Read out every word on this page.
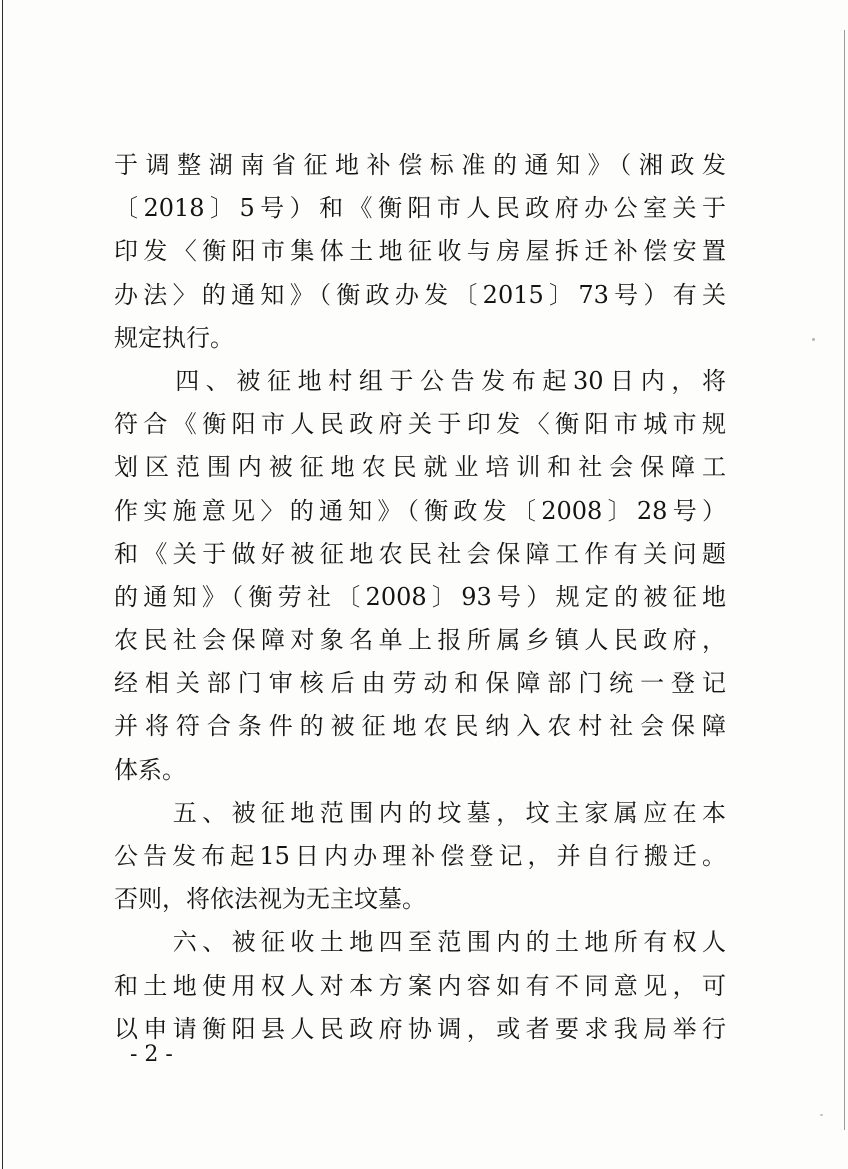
于调整湖南省征地补偿标准的通知》（湘政发
〔2018〕5号）和《衡阳市人民政府办公室关于
印发〈衡阳市集体土地征收与房屋拆迁补偿安置
办法〉的通知》（衡政办发〔2015〕73号）有关
规定执行。
　　四、被征地村组于公告发布起30日内，将
符合《衡阳市人民政府关于印发〈衡阳市城市规
划区范围内被征地农民就业培训和社会保障工
作实施意见〉的通知》（衡政发〔2008〕28号）
和《关于做好被征地农民社会保障工作有关问题
的通知》（衡劳社〔2008〕93号）规定的被征地
农民社会保障对象名单上报所属乡镇人民政府，
经相关部门审核后由劳动和保障部门统一登记
并将符合条件的被征地农民纳入农村社会保障
体系。
　　五、被征地范围内的坟墓，坟主家属应在本
公告发布起15日内办理补偿登记，并自行搬迁。
否则，将依法视为无主坟墓。
　　六、被征收土地四至范围内的土地所有权人
和土地使用权人对本方案内容如有不同意见，可
以申请衡阳县人民政府协调，或者要求我局举行
- 2 -
